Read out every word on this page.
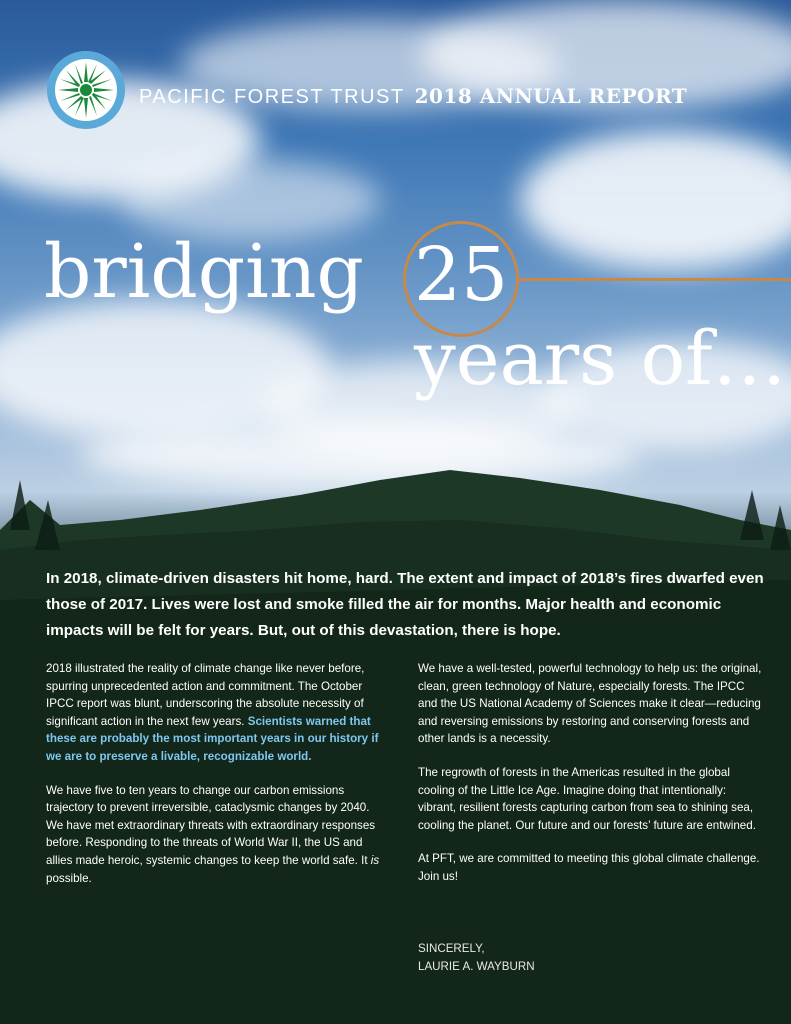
PACIFIC FOREST TRUST 2018 ANNUAL REPORT
bridging 25
years of…
In 2018, climate-driven disasters hit home, hard. The extent and impact of 2018’s fires dwarfed even those of 2017. Lives were lost and smoke filled the air for months. Major health and economic impacts will be felt for years. But, out of this devastation, there is hope.

2018 illustrated the reality of climate change like never before, spurring unprecedented action and commitment. The October IPCC report was blunt, underscoring the absolute necessity of significant action in the next few years. Scientists warned that these are probably the most important years in our history if we are to preserve a livable, recognizable world.

We have five to ten years to change our carbon emissions trajectory to prevent irreversible, cataclysmic changes by 2040. We have met extraordinary threats with extraordinary responses before. Responding to the threats of World War II, the US and allies made heroic, systemic changes to keep the world safe. It is possible.

We have a well-tested, powerful technology to help us: the original, clean, green technology of Nature, especially forests. The IPCC and the US National Academy of Sciences make it clear—reducing and reversing emissions by restoring and conserving forests and other lands is a necessity.

The regrowth of forests in the Americas resulted in the global cooling of the Little Ice Age. Imagine doing that intentionally: vibrant, resilient forests capturing carbon from sea to shining sea, cooling the planet. Our future and our forests’ future are entwined.

At PFT, we are committed to meeting this global climate challenge. Join us!

SINCERELY,
LAURIE A. WAYBURN
